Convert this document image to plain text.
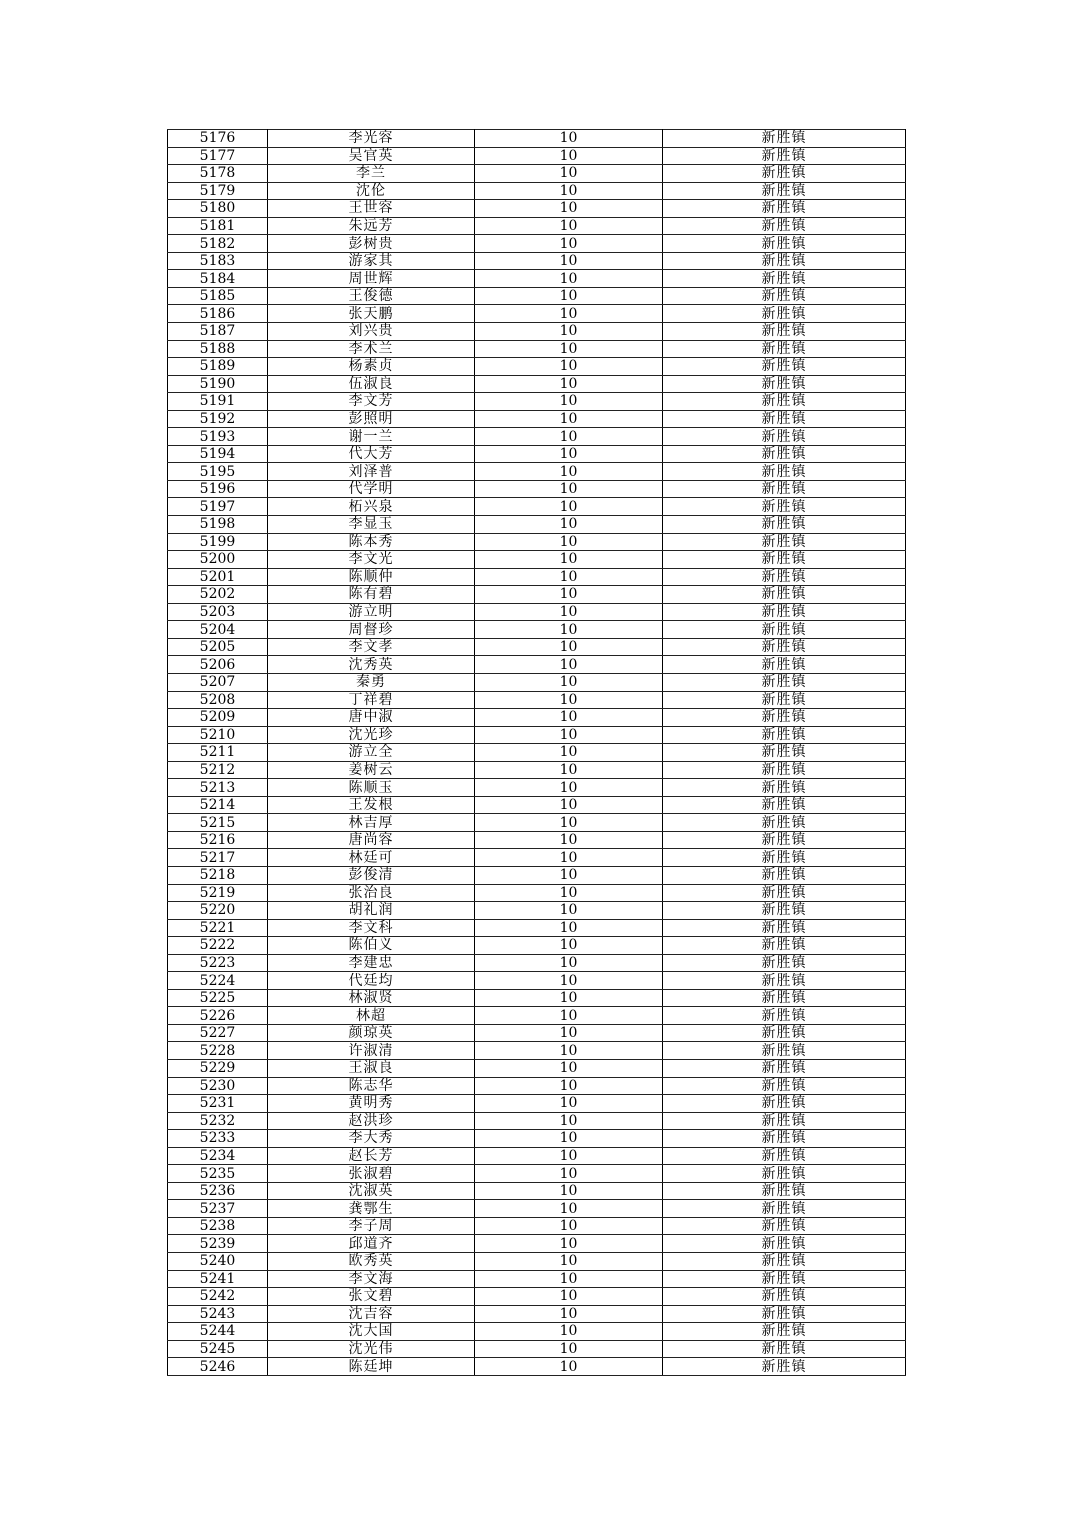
5176	李光容	10	新胜镇
5177	吴官英	10	新胜镇
5178	李兰	10	新胜镇
5179	沈伦	10	新胜镇
5180	王世容	10	新胜镇
5181	朱远芳	10	新胜镇
5182	彭树贵	10	新胜镇
5183	游家其	10	新胜镇
5184	周世辉	10	新胜镇
5185	王俊德	10	新胜镇
5186	张天鹏	10	新胜镇
5187	刘兴贵	10	新胜镇
5188	李术兰	10	新胜镇
5189	杨素贞	10	新胜镇
5190	伍淑良	10	新胜镇
5191	李文芳	10	新胜镇
5192	彭照明	10	新胜镇
5193	谢一兰	10	新胜镇
5194	代大芳	10	新胜镇
5195	刘泽普	10	新胜镇
5196	代学明	10	新胜镇
5197	柘兴泉	10	新胜镇
5198	李显玉	10	新胜镇
5199	陈本秀	10	新胜镇
5200	李文光	10	新胜镇
5201	陈顺仲	10	新胜镇
5202	陈有碧	10	新胜镇
5203	游立明	10	新胜镇
5204	周督珍	10	新胜镇
5205	李文孝	10	新胜镇
5206	沈秀英	10	新胜镇
5207	秦勇	10	新胜镇
5208	丁祥碧	10	新胜镇
5209	唐中淑	10	新胜镇
5210	沈光珍	10	新胜镇
5211	游立全	10	新胜镇
5212	姜树云	10	新胜镇
5213	陈顺玉	10	新胜镇
5214	王发根	10	新胜镇
5215	林吉厚	10	新胜镇
5216	唐尚容	10	新胜镇
5217	林廷可	10	新胜镇
5218	彭俊清	10	新胜镇
5219	张治良	10	新胜镇
5220	胡礼润	10	新胜镇
5221	李文科	10	新胜镇
5222	陈伯义	10	新胜镇
5223	李建忠	10	新胜镇
5224	代廷均	10	新胜镇
5225	林淑贤	10	新胜镇
5226	林超	10	新胜镇
5227	颜琼英	10	新胜镇
5228	许淑清	10	新胜镇
5229	王淑良	10	新胜镇
5230	陈志华	10	新胜镇
5231	黄明秀	10	新胜镇
5232	赵洪珍	10	新胜镇
5233	李大秀	10	新胜镇
5234	赵长芳	10	新胜镇
5235	张淑碧	10	新胜镇
5236	沈淑英	10	新胜镇
5237	龚鄂生	10	新胜镇
5238	李子周	10	新胜镇
5239	邱道齐	10	新胜镇
5240	欧秀英	10	新胜镇
5241	李文海	10	新胜镇
5242	张文碧	10	新胜镇
5243	沈吉容	10	新胜镇
5244	沈大国	10	新胜镇
5245	沈光伟	10	新胜镇
5246	陈廷坤	10	新胜镇
